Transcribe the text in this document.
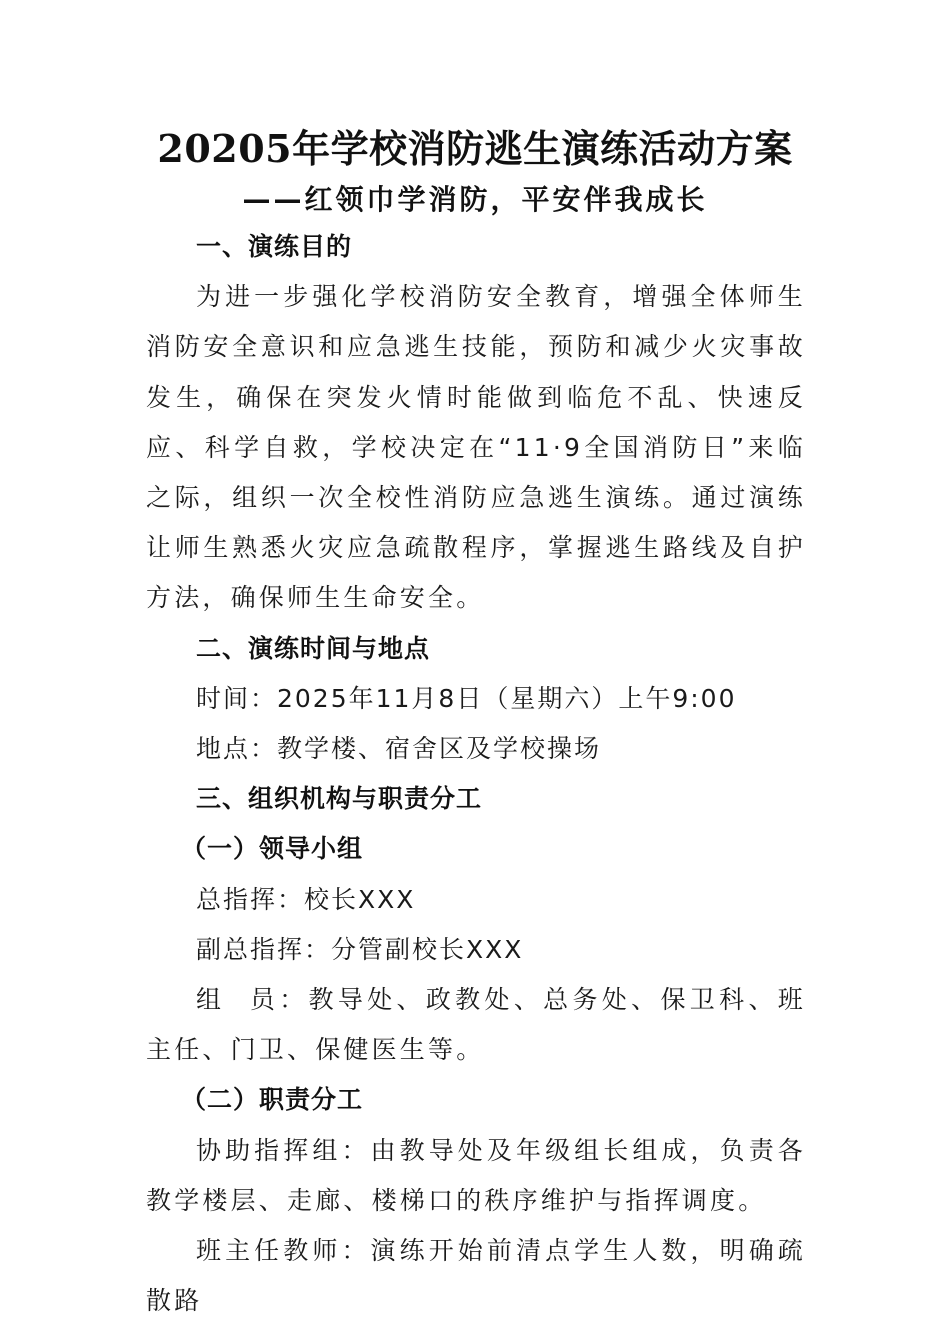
20205年学校消防逃生演练活动方案
——红领巾学消防，平安伴我成长

一、演练目的

为进一步强化学校消防安全教育，增强全体师生消防安全意识和应急逃生技能，预防和减少火灾事故发生，确保在突发火情时能做到临危不乱、快速反应、科学自救，学校决定在“11·9全国消防日”来临之际，组织一次全校性消防应急逃生演练。通过演练让师生熟悉火灾应急疏散程序，掌握逃生路线及自护方法，确保师生生命安全。

二、演练时间与地点

时间：2025年11月8日（星期六）上午9:00

地点：教学楼、宿舍区及学校操场

三、组织机构与职责分工

（一）领导小组

总指挥：校长XXX

副总指挥：分管副校长XXX

组  员：教导处、政教处、总务处、保卫科、班主任、门卫、保健医生等。

（二）职责分工

协助指挥组：由教导处及年级组长组成，负责各教学楼层、走廊、楼梯口的秩序维护与指挥调度。

班主任教师：演练开始前清点学生人数，明确疏散路
